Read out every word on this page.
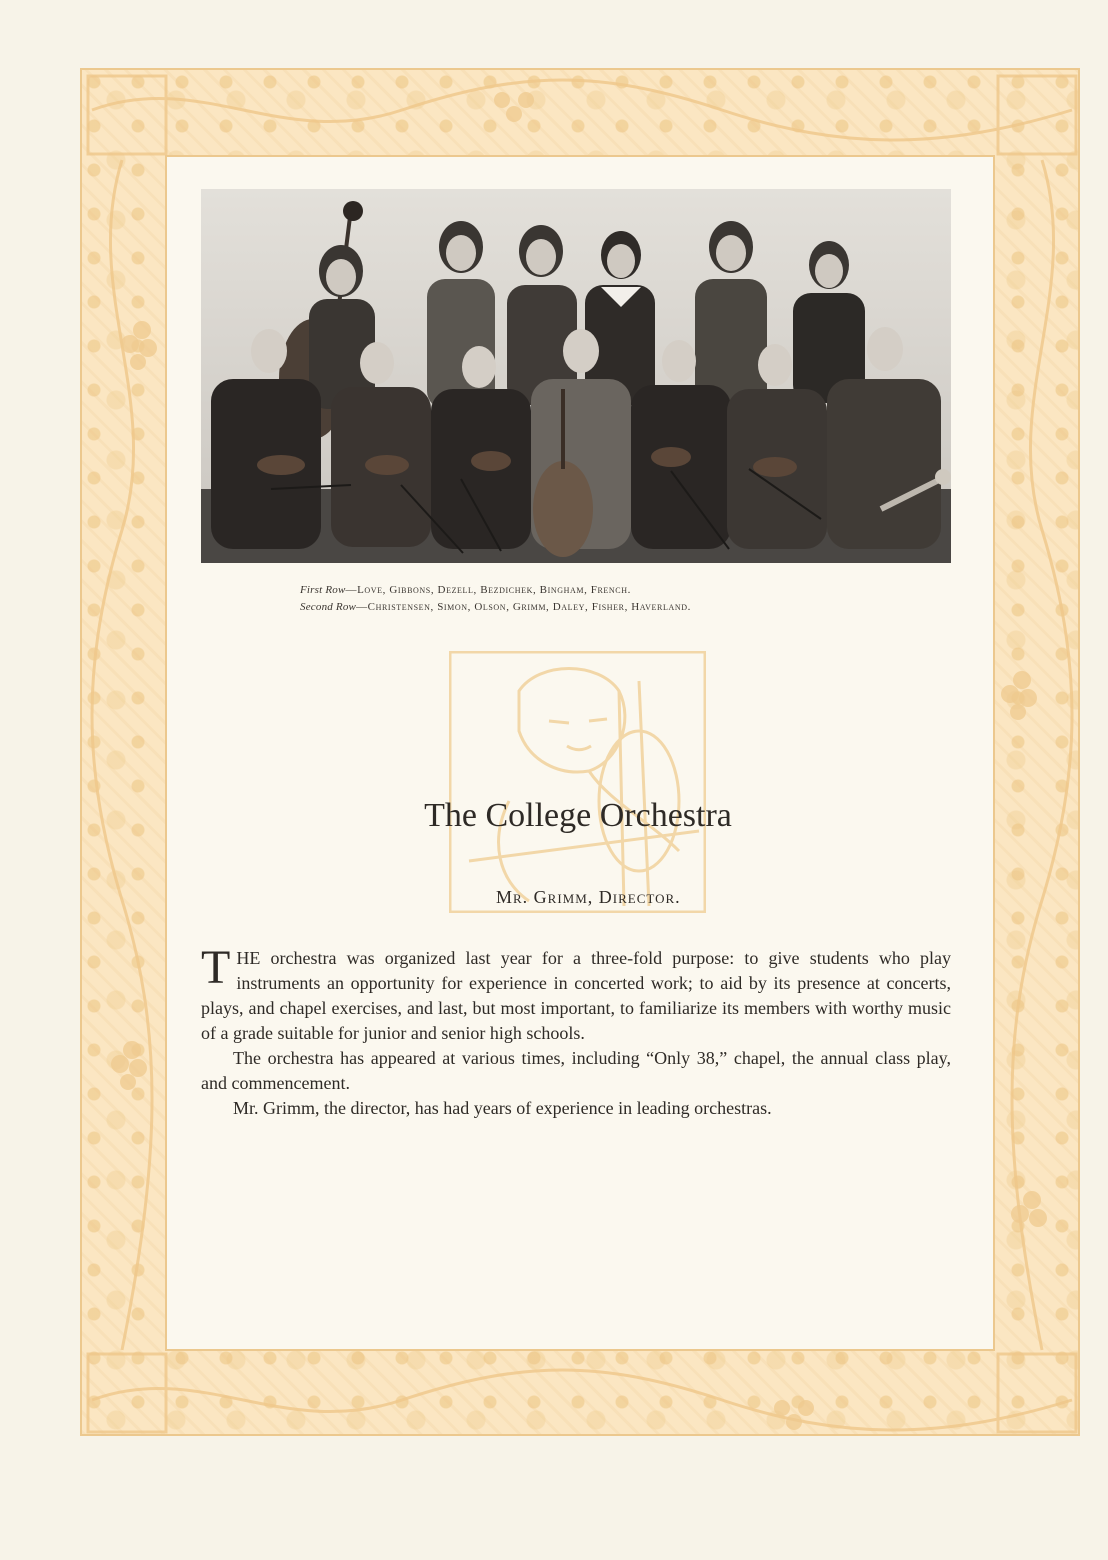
First Row—Love, Gibbons, Dezell, Bezdichek, Bingham, French.
Second Row—Christensen, Simon, Olson, Grimm, Daley, Fisher, Haverland.
The College Orchestra

Mr. Grimm, Director.

THE orchestra was organized last year for a three-fold purpose: to give students who play instruments an opportunity for experience in concerted work; to aid by its presence at concerts, plays, and chapel exercises, and last, but most important, to familiarize its members with worthy music of a grade suitable for junior and senior high schools.

The orchestra has appeared at various times, including “Only 38,” chapel, the annual class play, and commencement.

Mr. Grimm, the director, has had years of experience in leading orchestras.
